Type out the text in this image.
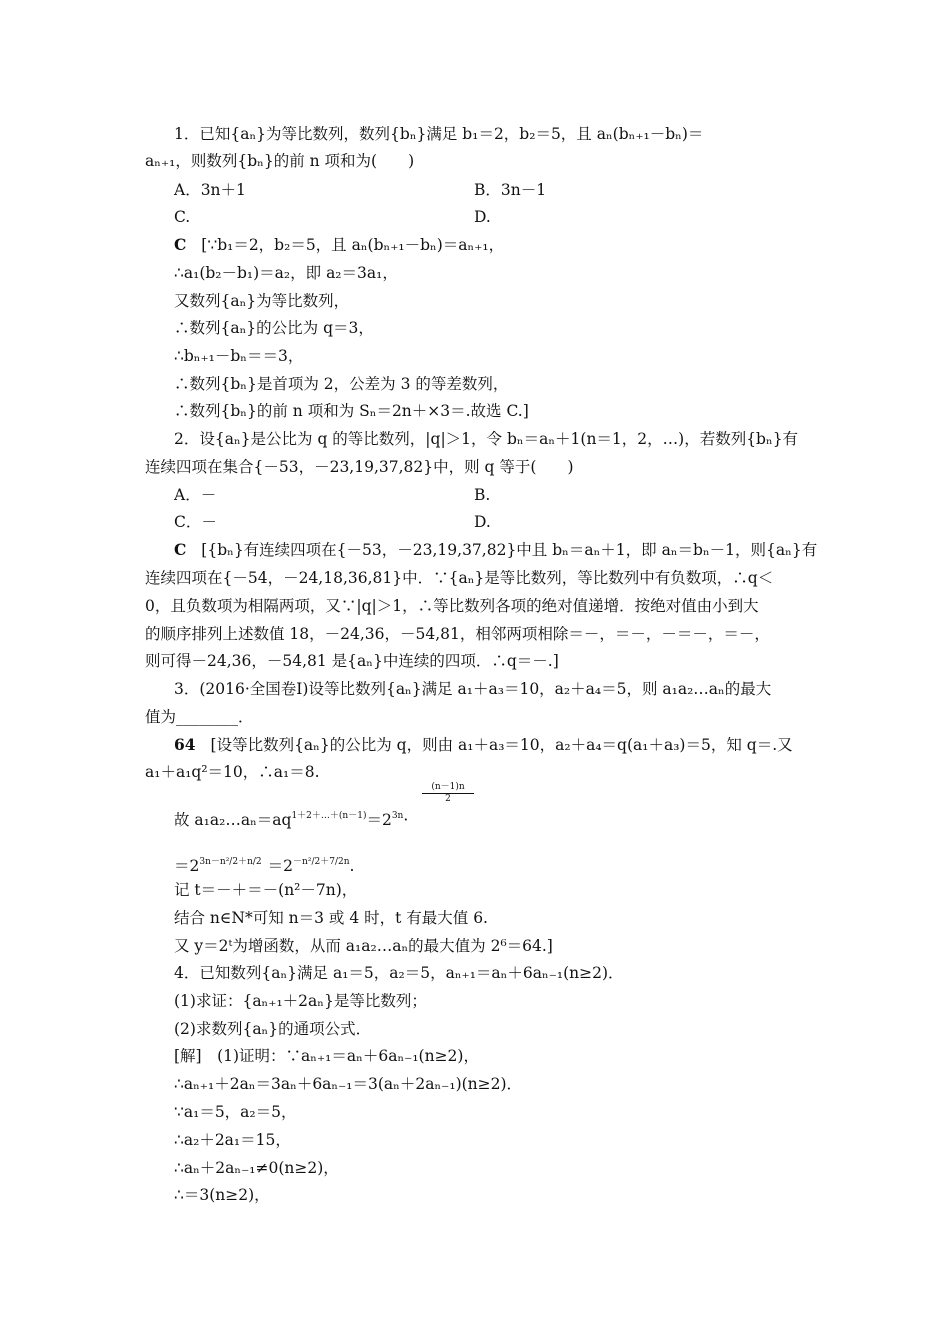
1．已知{aₙ}为等比数列，数列{bₙ}满足 b₁＝2，b₂＝5，且 aₙ(bₙ₊₁－bₙ)＝
aₙ₊₁，则数列{bₙ}的前 n 项和为(　　)
A．3n＋1	B．3n－1
C.	D.
C [∵b₁＝2，b₂＝5，且 aₙ(bₙ₊₁－bₙ)＝aₙ₊₁，
∴a₁(b₂－b₁)＝a₂，即 a₂＝3a₁，
又数列{aₙ}为等比数列，
∴数列{aₙ}的公比为 q＝3，
∴bₙ₊₁－bₙ＝＝3，
∴数列{bₙ}是首项为 2，公差为 3 的等差数列，
∴数列{bₙ}的前 n 项和为 Sₙ＝2n＋×3＝.故选 C.]
2．设{aₙ}是公比为 q 的等比数列，|q|＞1，令 bₙ＝aₙ＋1(n＝1，2，…)，若数列{bₙ}有
连续四项在集合{－53，－23,19,37,82}中，则 q 等于(　　)
A．－	B.
C．－	D.
C [{bₙ}有连续四项在{－53，－23,19,37,82}中且 bₙ＝aₙ＋1，即 aₙ＝bₙ－1，则{aₙ}有
连续四项在{－54，－24,18,36,81}中．∵{aₙ}是等比数列，等比数列中有负数项，∴q＜
0，且负数项为相隔两项，又∵|q|＞1，∴等比数列各项的绝对值递增．按绝对值由小到大
的顺序排列上述数值 18，－24,36，－54,81，相邻两项相除＝－，＝－，－＝－，＝－，
则可得－24,36，－54,81 是{aₙ}中连续的四项．∴q＝－.]
3．(2016·全国卷Ⅰ)设等比数列{aₙ}满足 a₁＋a₃＝10，a₂＋a₄＝5，则 a₁a₂…aₙ的最大
值为________．
64 [设等比数列{aₙ}的公比为 q，则由 a₁＋a₃＝10，a₂＋a₄＝q(a₁＋a₃)＝5，知 q＝.又
a₁＋a₁q²＝10，∴a₁＝8.
故 $a_1a_2\dots a_n=aq^{1+2+\dots+(n-1)}=2^{3n}\cdot$
$\frac{(n-1)n}{2}$
$=2^{3n-n^2/2+n/2} =2^{-n^2/2+7/2n}$.
记 t＝－＋＝－(n²－7n)，
结合 n∈N*可知 n＝3 或 4 时，t 有最大值 6.
又 y＝2ᵗ为增函数，从而 a₁a₂…aₙ的最大值为 2⁶＝64.]
4．已知数列{aₙ}满足 a₁＝5，a₂＝5，aₙ₊₁＝aₙ＋6aₙ₋₁(n≥2)．
(1)求证：{aₙ₊₁＋2aₙ}是等比数列；
(2)求数列{aₙ}的通项公式．
[解]　(1)证明：∵aₙ₊₁＝aₙ＋6aₙ₋₁(n≥2)，
∴aₙ₊₁＋2aₙ＝3aₙ＋6aₙ₋₁＝3(aₙ＋2aₙ₋₁)(n≥2)．
∵a₁＝5，a₂＝5，
∴a₂＋2a₁＝15，
∴aₙ＋2aₙ₋₁≠0(n≥2)，
∴＝3(n≥2)，
